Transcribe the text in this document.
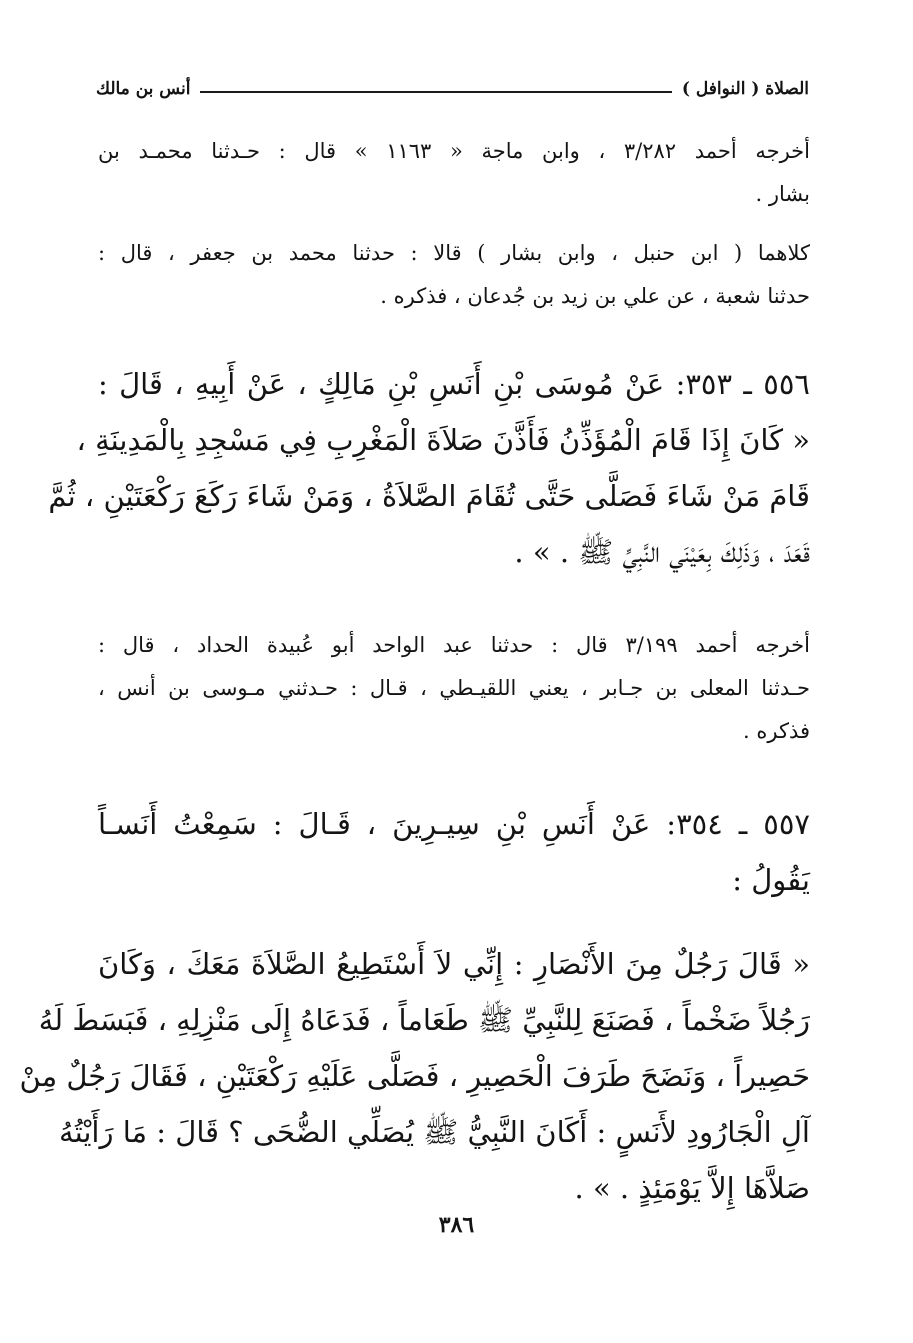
الصلاة ( النوافل )
أنس بن مالك
أخرجه أحمد ٣/٢٨٢ ، وابن ماجة « ١١٦٣ » قال : حـدثنا محمـد بن
بشار .
كلاهما ( ابن حنبل ، وابن بشار ) قالا : حدثنا محمد بن جعفر ، قال :
حدثنا شعبة ، عن علي بن زيد بن جُدعان ، فذكره .
٥٥٦ ـ ٣٥٣: عَنْ مُوسَى بْنِ أَنَسِ بْنِ مَالِكٍ ، عَنْ أَبِيهِ ، قَالَ :
« كَانَ إِذَا قَامَ الْمُؤَذِّنُ فَأَذَّنَ صَلاَةَ الْمَغْرِبِ فِي مَسْجِدِ بِالْمَدِينَةِ ،
قَامَ مَنْ شَاءَ فَصَلَّى حَتَّى تُقَامَ الصَّلاَةُ ، وَمَنْ شَاءَ رَكَعَ رَكْعَتَيْنِ ، ثُمَّ
قَعَدَ ، وَذَلِكَ بِعَيْنَي النَّبِيِّ ﷺ . » .
أخرجه أحمد ٣/١٩٩ قال : حدثنا عبد الواحد أبو عُبيدة الحداد ، قال :
حـدثنا المعلى بن جـابر ، يعني اللقيـطي ، قـال : حـدثني مـوسى بن أنس ،
فذكره .
٥٥٧ ـ ٣٥٤: عَنْ أَنَسِ بْنِ سِيـرِينَ ، قَـالَ : سَمِعْتُ أَنَسـاً
يَقُولُ :
« قَالَ رَجُلٌ مِنَ الأَنْصَارِ : إِنِّي لاَ أَسْتَطِيعُ الصَّلاَةَ مَعَكَ ، وَكَانَ
رَجُلاً ضَخْماً ، فَصَنَعَ لِلنَّبِيِّ ﷺ طَعَاماً ، فَدَعَاهُ إِلَى مَنْزِلِهِ ، فَبَسَطَ لَهُ
حَصِيراً ، وَنَضَحَ طَرَفَ الْحَصِيرِ ، فَصَلَّى عَلَيْهِ رَكْعَتَيْنِ ، فَقَالَ رَجُلٌ مِنْ
آلِ الْجَارُودِ لأَنَسٍ : أَكَانَ النَّبِيُّ ﷺ يُصَلِّي الضُّحَى ؟ قَالَ : مَا رَأَيْتُهُ
صَلاَّهَا إِلاَّ يَوْمَئِذٍ . » .
٣٨٦
